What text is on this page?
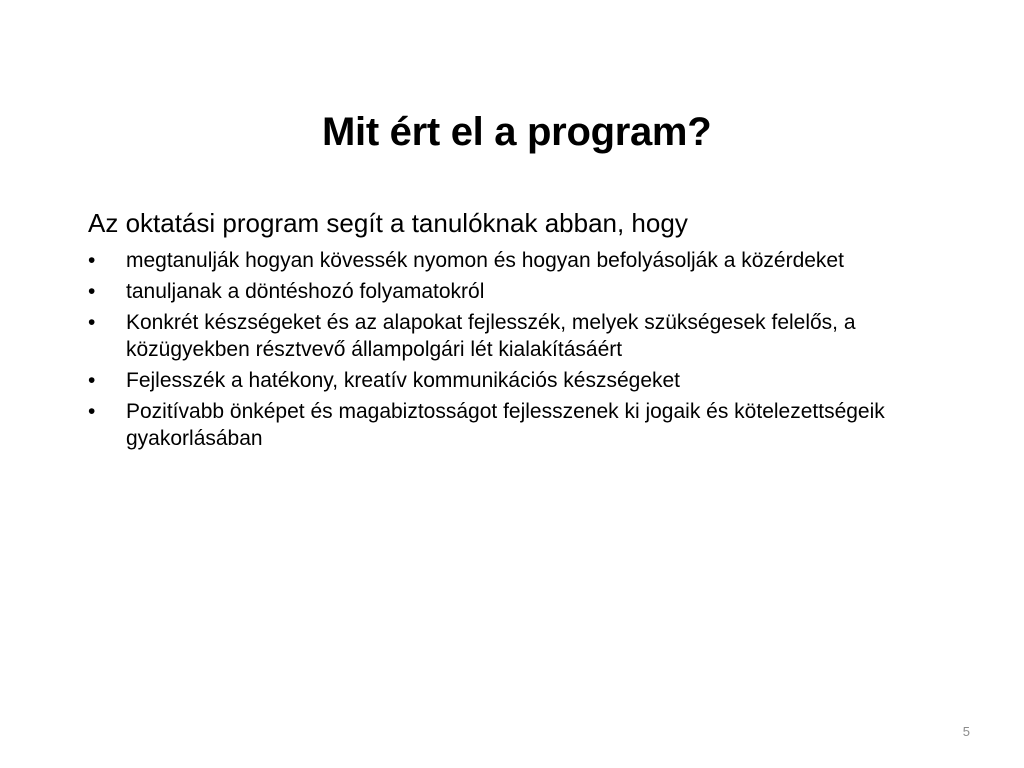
Mit ért el a program?
Az oktatási program segít a tanulóknak abban, hogy
•	megtanulják hogyan kövessék nyomon és hogyan befolyásolják a közérdeket
•	tanuljanak a döntéshozó folyamatokról
•	Konkrét készségeket és az alapokat fejlesszék, melyek szükségesek felelős, a közügyekben résztvevő állampolgári lét kialakításáért
•	Fejlesszék a hatékony, kreatív kommunikációs készségeket
•	Pozitívabb önképet és magabiztosságot fejlesszenek ki jogaik és kötelezettségeik gyakorlásában
5
